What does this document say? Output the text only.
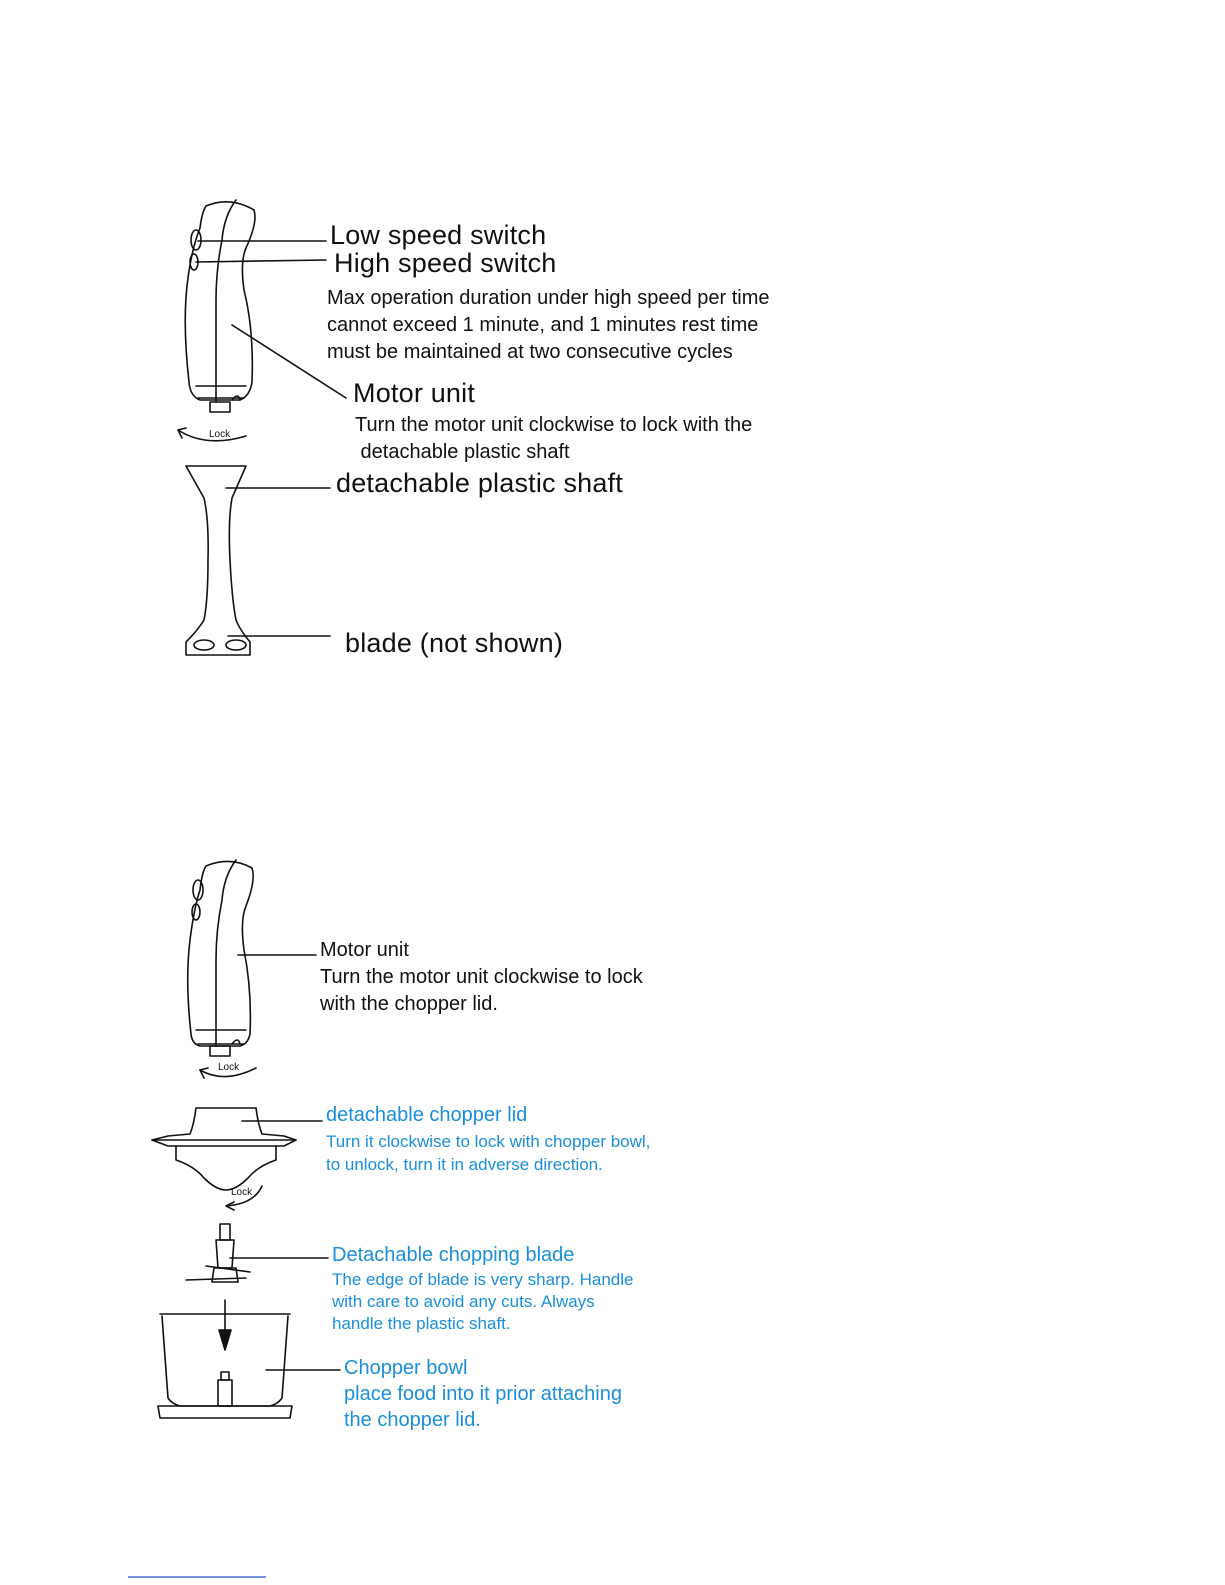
Lock
Lock
Lock
Low speed switch
High speed switch
Max operation duration under high speed per time
cannot exceed 1 minute, and 1 minutes rest time
must be maintained at two consecutive cycles
Motor unit
Turn the motor unit clockwise to lock with the
detachable plastic shaft
detachable plastic shaft
blade (not shown)
Motor unit
Turn the motor unit clockwise to lock
with the chopper lid.
detachable chopper lid
Turn it clockwise to lock with chopper bowl,
to unlock, turn it in adverse direction.
Detachable chopping blade
The edge of blade is very sharp. Handle
with care to avoid any cuts. Always
handle the plastic shaft.
Chopper bowl
place food into it prior attaching
the chopper lid.
